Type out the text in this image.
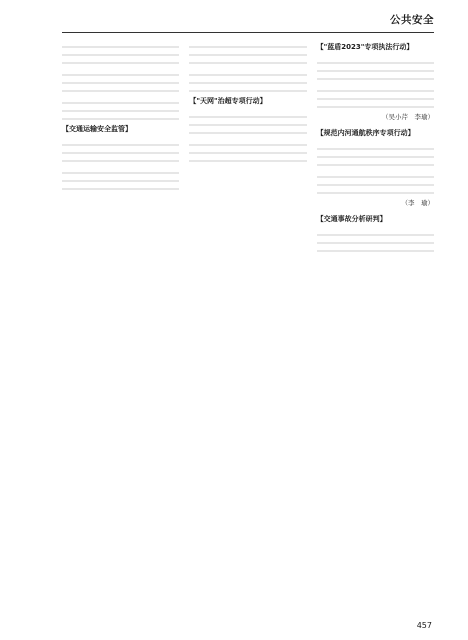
公共安全

【交通运输安全监管】

【"天网"治超专项行动】

【"蓝盾2023"专项执法行动】

（吴小芹　李瑜）

【规范内河通航秩序专项行动】

（李　瑜）

【交通事故分析研判】

457
